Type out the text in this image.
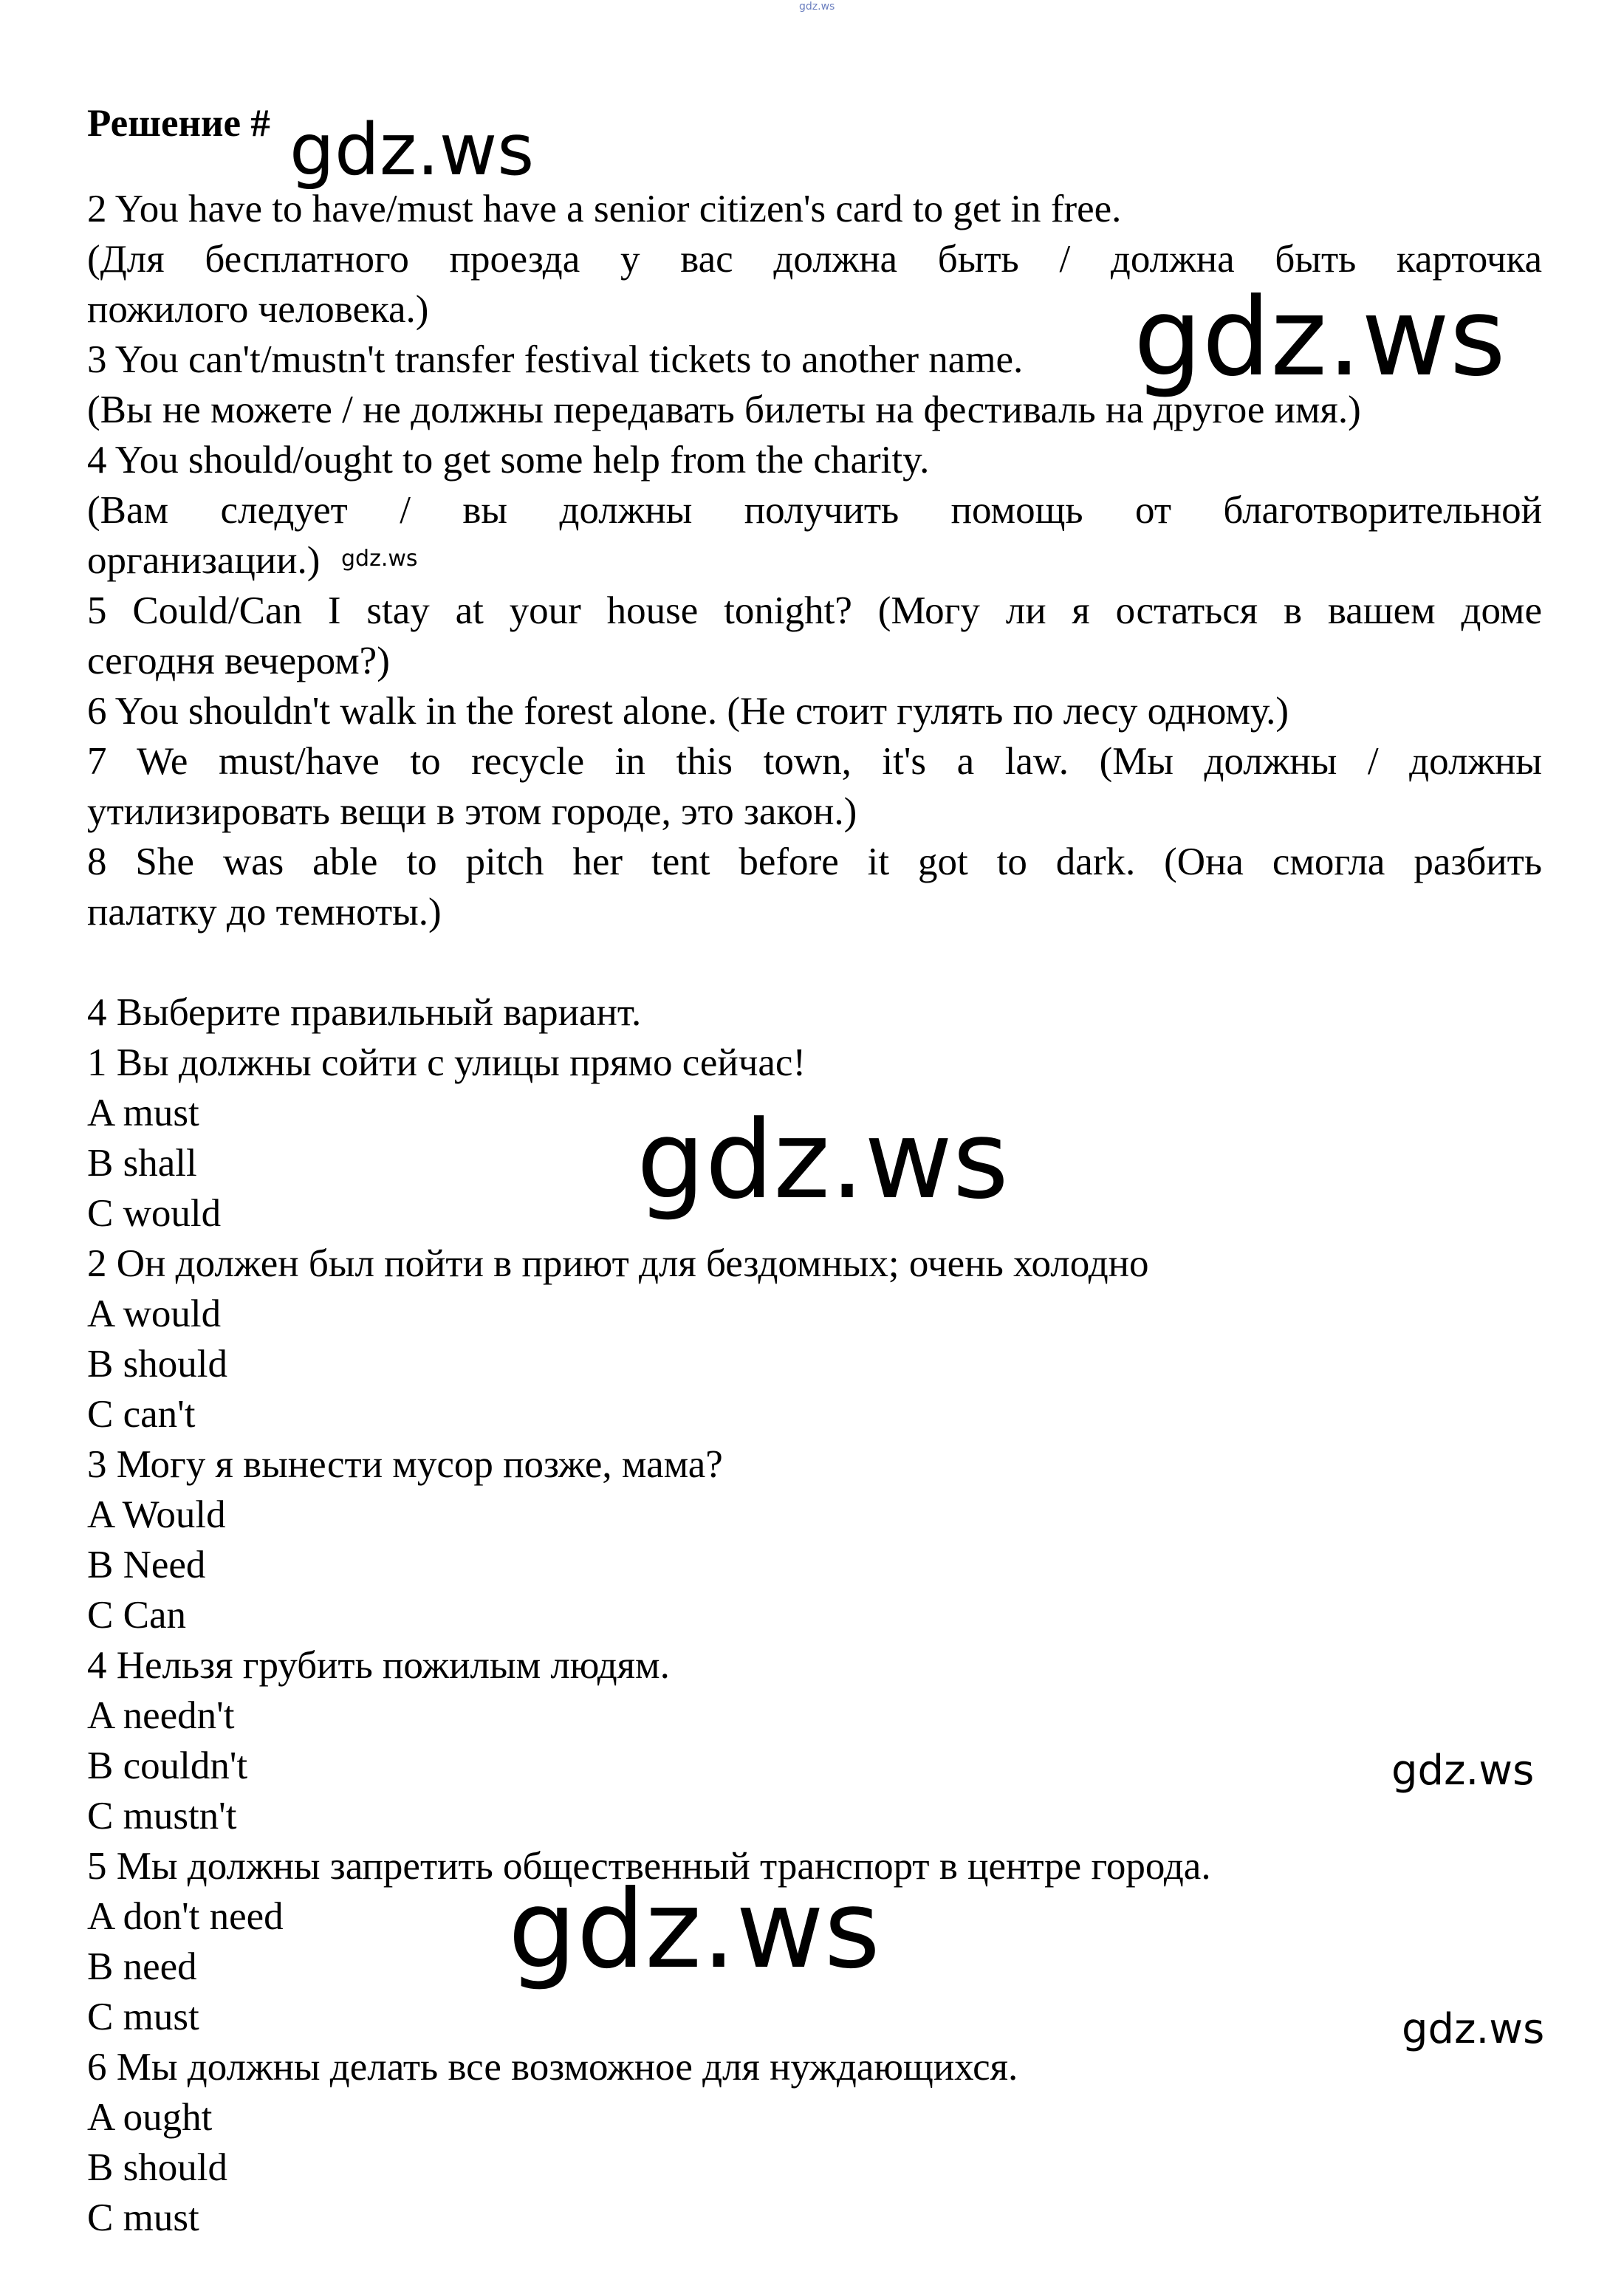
gdz.ws
Решение #
2 You have to have/must have a senior citizen's card to get in free.
(Для бесплатного проезда у вас должна быть / должна быть карточка
пожилого человека.)
3 You can't/mustn't transfer festival tickets to another name.
(Вы не можете / не должны передавать билеты на фестиваль на другое имя.)
4 You should/ought to get some help from the charity.
(Вам следует / вы должны получить помощь от благотворительной
организации.)
5 Could/Can I stay at your house tonight? (Могу ли я остаться в вашем доме
сегодня вечером?)
6 You shouldn't walk in the forest alone. (Не стоит гулять по лесу одному.)
7 We must/have to recycle in this town, it's a law. (Мы должны / должны
утилизировать вещи в этом городе, это закон.)
8 She was able to pitch her tent before it got to dark. (Она смогла разбить
палатку до темноты.)
4 Выберите правильный вариант.
1 Вы должны сойти с улицы прямо сейчас!
A must
B shall
C would
2 Он должен был пойти в приют для бездомных; очень холодно
A would
B should
C can't
3 Могу я вынести мусор позже, мама?
A Would
B Need
C Can
4 Нельзя грубить пожилым людям.
A needn't
B couldn't
C mustn't
5 Мы должны запретить общественный транспорт в центре города.
A don't need
B need
C must
6 Мы должны делать все возможное для нуждающихся.
A ought
B should
C must
gdz.ws
gdz.ws
gdz.ws
gdz.ws
gdz.ws
gdz.ws
gdz.ws
